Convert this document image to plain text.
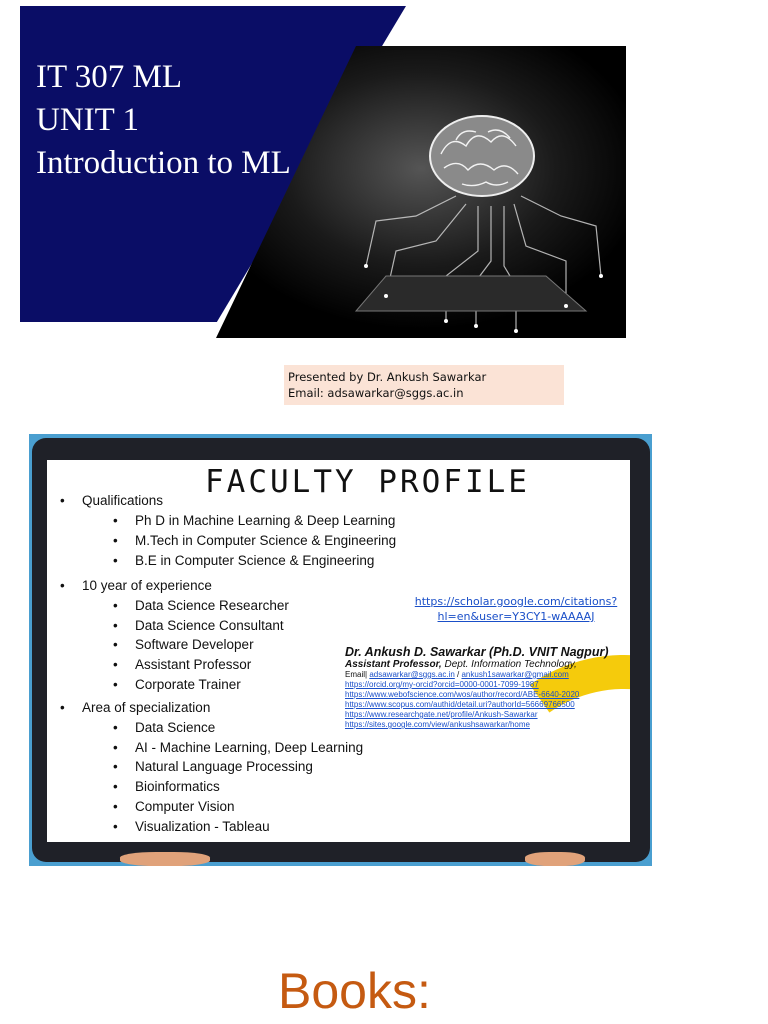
IT 307 ML
UNIT 1
Introduction to ML
Presented by Dr. Ankush Sawarkar
Email: adsawarkar@sggs.ac.in
FACULTY PROFILE
• Qualifications
• Ph D in Machine Learning & Deep Learning
• M.Tech in Computer Science & Engineering
• B.E in Computer Science & Engineering
• 10 year of experience
• Data Science Researcher
• Data Science Consultant
• Software Developer
• Assistant Professor
• Corporate Trainer
• Area of specialization
• Data Science
• AI - Machine Learning, Deep Learning
• Natural Language Processing
• Bioinformatics
• Computer Vision
• Visualization - Tableau
https://scholar.google.com/citations?
hl=en&user=Y3CY1-wAAAAJ
Dr. Ankush D. Sawarkar (Ph.D. VNIT Nagpur)
Assistant Professor, Dept. Information Technology,
Email| adsawarkar@sggs.ac.in / ankush1sawarkar@gmail.com
https://orcid.org/my-orcid?orcid=0000-0001-7099-1987
https://www.webofscience.com/wos/author/record/ABE-6640-2020
https://www.scopus.com/authid/detail.uri?authorId=56669766500
https://www.researchgate.net/profile/Ankush-Sawarkar
https://sites.google.com/view/ankushsawarkar/home
Books:
